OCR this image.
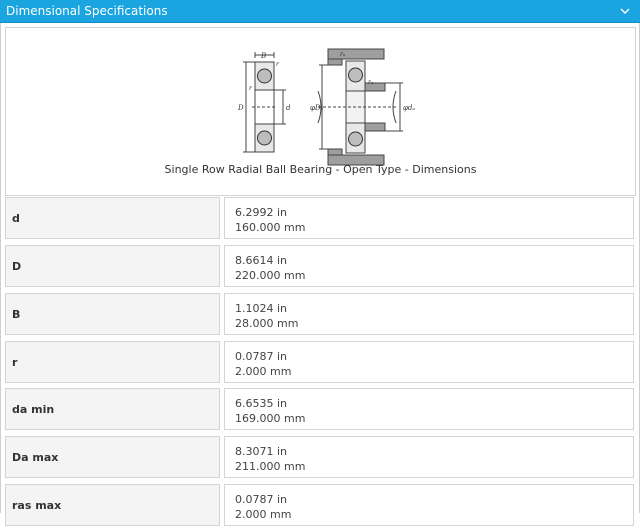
Dimensional Specifications
B
r
r
D	d
rₐ
rₐ
φDₐ	φdₐ
Single Row Radial Ball Bearing - Open Type - Dimensions
d	6.2992 in
160.000 mm
D	8.6614 in
220.000 mm
B	1.1024 in
28.000 mm
r	0.0787 in
2.000 mm
da min	6.6535 in
169.000 mm
Da max	8.3071 in
211.000 mm
ras max	0.0787 in
2.000 mm
